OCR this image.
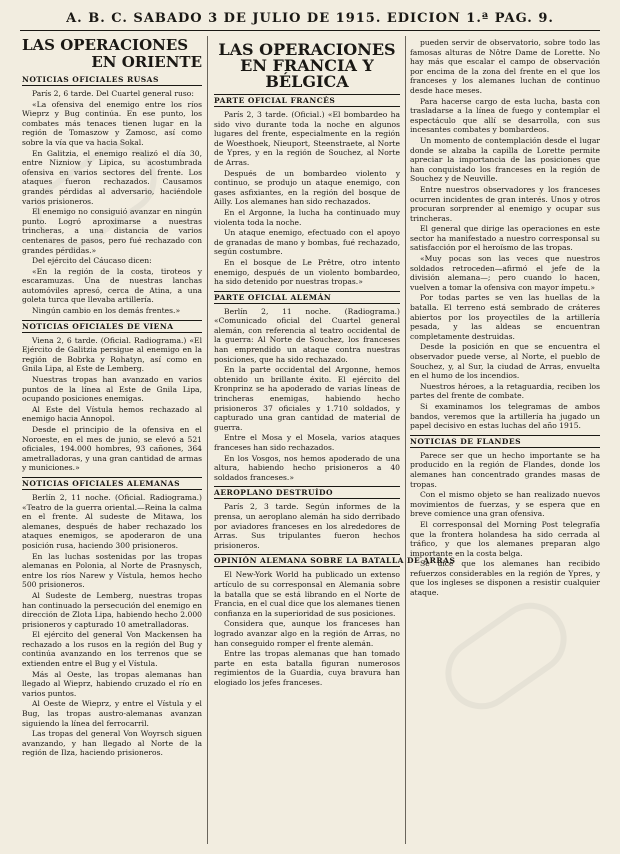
A. B. C. SABADO 3 DE JULIO DE 1915. EDICION 1.ª PAG. 9.
LAS OPERACIONES
EN ORIENTE
NOTICIAS OFICIALES RUSAS

París 2, 6 tarde. Del Cuartel general ruso:

«La ofensiva del enemigo entre los ríos Wieprz y Bug continúa. En ese punto, los combates más tenaces tienen lugar en la región de Tomaszow y Zamosc, así como sobre la vía que va hacia Sokal.

En Galitzia, el enemigo realizó el día 30, entre Nizniow y Lipica, su acostumbrada ofensiva en varios sectores del frente. Los ataques fueron rechazados. Causamos grandes pérdidas al adversario, haciéndole varios prisioneros.

El enemigo no consiguió avanzar en ningún punto. Logró aproximarse a nuestras trincheras, a una distancia de varios centenares de pasos, pero fué rechazado con grandes pérdidas.»

Del ejército del Cáucaso dicen:

«En la región de la costa, tiroteos y escaramuzas. Una de nuestras lanchas automóviles apresó, cerca de Atina, a una goleta turca que llevaba artillería.

Ningún cambio en los demás frentes.»

NOTICIAS OFICIALES DE VIENA

Viena 2, 6 tarde. (Oficial. Radiograma.) «El Ejército de Galitzia persigue al enemigo en la región de Bobrka y Rohatyn, así como en Gnila Lipa, al Este de Lemberg.

Nuestras tropas han avanzado en varios puntos de la línea al Este de Gnila Lipa, ocupando posiciones enemigas.

Al Este del Vístula hemos rechazado al enemigo hacia Annopol.

Desde el principio de la ofensiva en el Noroeste, en el mes de junio, se elevó a 521 oficiales, 194.000 hombres, 93 cañones, 364 ametralladoras, y una gran cantidad de armas y municiones.»

NOTICIAS OFICIALES ALEMANAS

Berlín 2, 11 noche. (Oficial. Radiograma.) «Teatro de la guerra oriental.—Reina la calma en el frente. Al sudeste de Mitawa, los alemanes, después de haber rechazado los ataques enemigos, se apoderaron de una posición rusa, haciendo 300 prisioneros.

En las luchas sostenidas por las tropas alemanas en Polonia, al Norte de Prasnysch, entre los ríos Narew y Vístula, hemos hecho 500 prisioneros.

Al Sudeste de Lemberg, nuestras tropas han continuado la persecución del enemigo en dirección de Zlota Lipa, habiendo hecho 2.000 prisioneros y capturado 10 ametralladoras.

El ejército del general Von Mackensen ha rechazado a los rusos en la región del Bug y continúa avanzando en los terrenos que se extienden entre el Bug y el Vístula.

Más al Oeste, las tropas alemanas han llegado al Wieprz, habiendo cruzado el río en varios puntos.

Al Oeste de Wieprz, y entre el Vístula y el Bug, las tropas austro-alemanas avanzan siguiendo la línea del ferrocarril.

Las tropas del general Von Woyrsch siguen avanzando, y han llegado al Norte de la región de Ilza, haciendo prisioneros.

LAS OPERACIONES EN FRANCIA Y BÉLGICA
PARTE OFICIAL FRANCÉS

París 2, 3 tarde. (Oficial.) «El bombardeo ha sido vivo durante toda la noche en algunos lugares del frente, especialmente en la región de Woesthoek, Nieuport, Steenstraete, al Norte de Ypres, y en la región de Souchez, al Norte de Arras.

Después de un bombardeo violento y continuo, se produjo un ataque enemigo, con gases asfixiantes, en la región del bosque de Ailly. Los alemanes han sido rechazados.

En el Argonne, la lucha ha continuado muy violenta toda la noche.

Un ataque enemigo, efectuado con el apoyo de granadas de mano y bombas, fué rechazado, según costumbre.

En el bosque de Le Prêtre, otro intento enemigo, después de un violento bombardeo, ha sido detenido por nuestras tropas.»

PARTE OFICIAL ALEMÁN

Berlín 2, 11 noche. (Radiograma.) «Comunicado oficial del Cuartel general alemán, con referencia al teatro occidental de la guerra: Al Norte de Souchez, los franceses han emprendido un ataque contra nuestras posiciones, que ha sido rechazado.

En la parte occidental del Argonne, hemos obtenido un brillante éxito. El ejército del Kronprinz se ha apoderado de varias líneas de trincheras enemigas, habiendo hecho prisioneros 37 oficiales y 1.710 soldados, y capturado una gran cantidad de material de guerra.

Entre el Mosa y el Mosela, varios ataques franceses han sido rechazados.

En los Vosgos, nos hemos apoderado de una altura, habiendo hecho prisioneros a 40 soldados franceses.»

AEROPLANO DESTRUÍDO

París 2, 3 tarde. Según informes de la prensa, un aeroplano alemán ha sido derribado por aviadores franceses en los alrededores de Arras. Sus tripulantes fueron hechos prisioneros.

OPINIÓN ALEMANA SOBRE LA BATALLA DE ARRAS

El New-York World ha publicado un extenso artículo de su corresponsal en Alemania sobre la batalla que se está librando en el Norte de Francia, en el cual dice que los alemanes tienen confianza en la superioridad de sus posiciones.

Considera que, aunque los franceses han logrado avanzar algo en la región de Arras, no han conseguido romper el frente alemán.

Entre las tropas alemanas que han tomado parte en esta batalla figuran numerosos regimientos de la Guardia, cuya bravura han elogiado los jefes franceses.

pueden servir de observatorio, sobre todo las famosas alturas de Nôtre Dame de Lorette. No hay más que escalar el campo de observación por encima de la zona del frente en el que los franceses y los alemanes luchan de continuo desde hace meses.

Para hacerse cargo de esta lucha, basta con trasladarse a la línea de fuego y contemplar el espectáculo que allí se desarrolla, con sus incesantes combates y bombardeos.

Un momento de contemplación desde el lugar donde se alzaba la capilla de Lorette permite apreciar la importancia de las posiciones que han conquistado los franceses en la región de Souchez y de Neuville.

Entre nuestros observadores y los franceses ocurren incidentes de gran interés. Unos y otros procuran sorprender al enemigo y ocupar sus trincheras.

El general que dirige las operaciones en este sector ha manifestado a nuestro corresponsal su satisfacción por el heroísmo de las tropas.

«Muy pocas son las veces que nuestros soldados retroceden—afirmó el jefe de la división alemana—; pero cuando lo hacen, vuelven a tomar la ofensiva con mayor ímpetu.»

Por todas partes se ven las huellas de la batalla. El terreno está sembrado de cráteres abiertos por los proyectiles de la artillería pesada, y las aldeas se encuentran completamente destruidas.

Desde la posición en que se encuentra el observador puede verse, al Norte, el pueblo de Souchez, y, al Sur, la ciudad de Arras, envuelta en el humo de los incendios.

Nuestros héroes, a la retaguardia, reciben los partes del frente de combate.

Si examinamos los telegramas de ambos bandos, veremos que la artillería ha jugado un papel decisivo en estas luchas del año 1915.

NOTICIAS DE FLANDES

Parece ser que un hecho importante se ha producido en la región de Flandes, donde los alemanes han concentrado grandes masas de tropas.

Con el mismo objeto se han realizado nuevos movimientos de fuerzas, y se espera que en breve comience una gran ofensiva.

El corresponsal del Morning Post telegrafía que la frontera holandesa ha sido cerrada al tráfico, y que los alemanes preparan algo importante en la costa belga.

Se dice que los alemanes han recibido refuerzos considerables en la región de Ypres, y que los ingleses se disponen a resistir cualquier ataque.
